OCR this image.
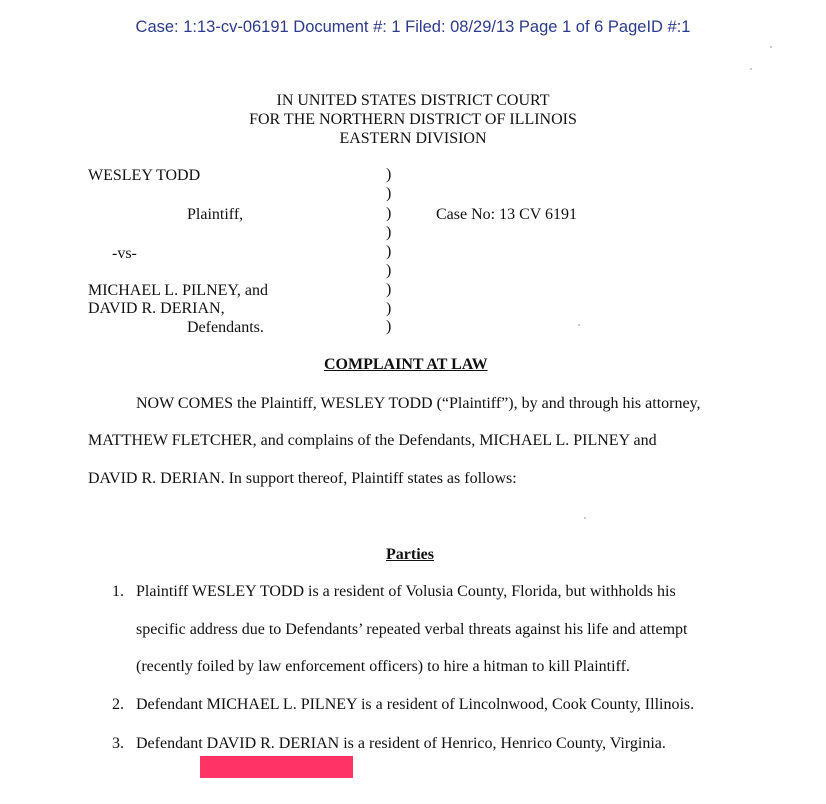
Case: 1:13-cv-06191 Document #: 1 Filed: 08/29/13 Page 1 of 6 PageID #:1
IN UNITED STATES DISTRICT COURT
FOR THE NORTHERN DISTRICT OF ILLINOIS
EASTERN DIVISION
WESLEY TODD
Plaintiff,
-vs-
MICHAEL L. PILNEY, and
DAVID R. DERIAN,
Defendants.
Case No: 13 CV 6191
)
)
)
)
)
)
)
)
)
COMPLAINT AT LAW
NOW COMES the Plaintiff, WESLEY TODD (“Plaintiff”), by and through his attorney,
MATTHEW FLETCHER, and complains of the Defendants, MICHAEL L. PILNEY and
DAVID R. DERIAN. In support thereof, Plaintiff states as follows:
Parties
1. Plaintiff WESLEY TODD is a resident of Volusia County, Florida, but withholds his
specific address due to Defendants’ repeated verbal threats against his life and attempt
(recently foiled by law enforcement officers) to hire a hitman to kill Plaintiff.
2. Defendant MICHAEL L. PILNEY is a resident of Lincolnwood, Cook County, Illinois.
3. Defendant DAVID R. DERIAN is a resident of Henrico, Henrico County, Virginia.
